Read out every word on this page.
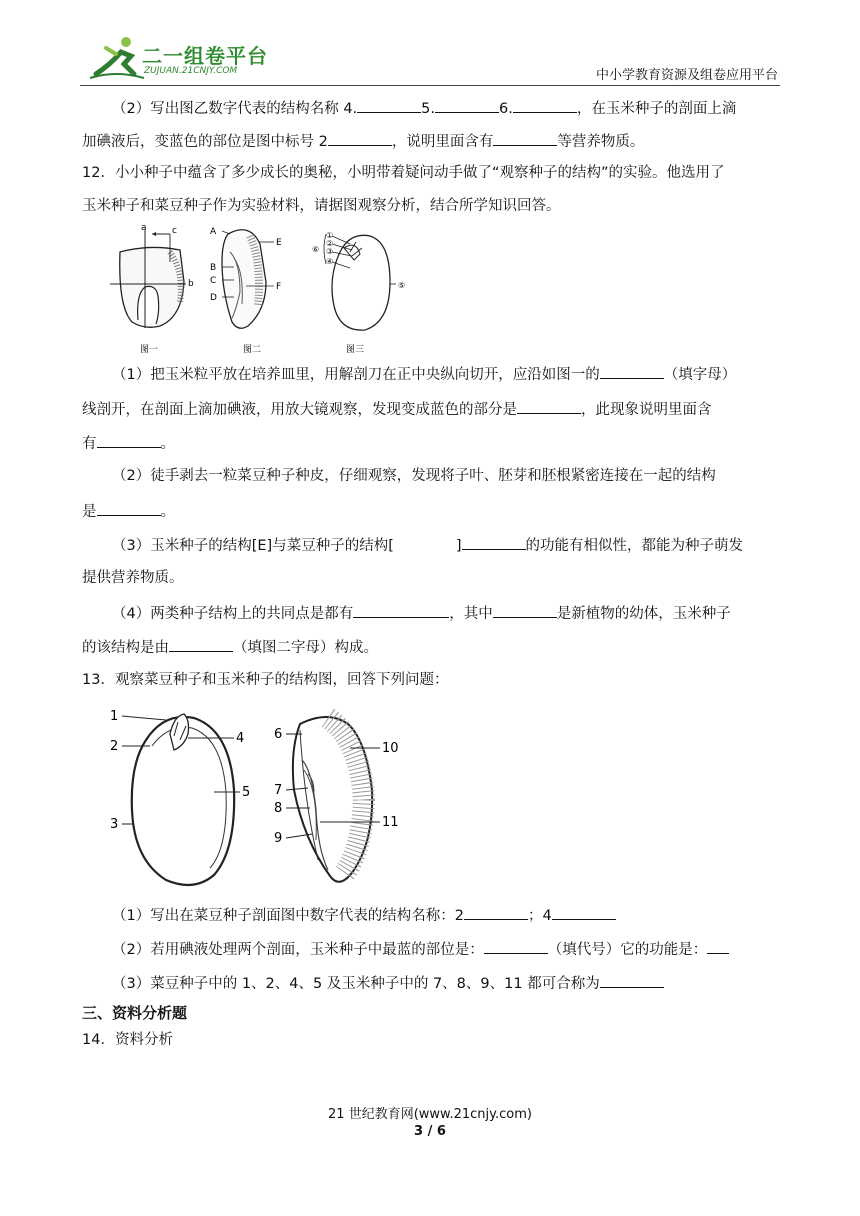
二一组卷平台
ZUJUAN.21CNJY.COM	中小学教育资源及组卷应用平台
（2）写出图乙数字代表的结构名称 4.	5.	6.	，在玉米种子的剖面上滴
加碘液后，变蓝色的部位是图中标号 2	，说明里面含有	等营养物质。
12．小小种子中蕴含了多少成长的奥秘，小明带着疑问动手做了“观察种子的结构”的实验。他选用了
玉米种子和菜豆种子作为实验材料，请据图观察分析，结合所学知识回答。
a	c
b
图一
A
B
C
D
E
F
图二
①
②
③
④
⑥
⑤
图三
（1）把玉米粒平放在培养皿里，用解剖刀在正中央纵向切开，应沿如图一的	（填字母）
线剖开，在剖面上滴加碘液，用放大镜观察，发现变成蓝色的部分是	，此现象说明里面含
有	。
（2）徒手剥去一粒菜豆种子种皮，仔细观察，发现将子叶、胚芽和胚根紧密连接在一起的结构
是	。
（3）玉米种子的结构[E]与菜豆种子的结构[	]	的功能有相似性，都能为种子萌发
提供营养物质。
（4）两类种子结构上的共同点是都有	，其中	是新植物的幼体，玉米种子
的该结构是由	（填图二字母）构成。
13．观察菜豆种子和玉米种子的结构图，回答下列问题：
1
2
3
4
5
6
7
8
9
10
11
（1）写出在菜豆种子剖面图中数字代表的结构名称：2	；4
（2）若用碘液处理两个剖面，玉米种子中最蓝的部位是：	（填代号）它的功能是：
（3）菜豆种子中的 1、2、4、5 及玉米种子中的 7、8、9、11 都可合称为
三、资料分析题
14．资料分析
21 世纪教育网(www.21cnjy.com)
3 / 6
